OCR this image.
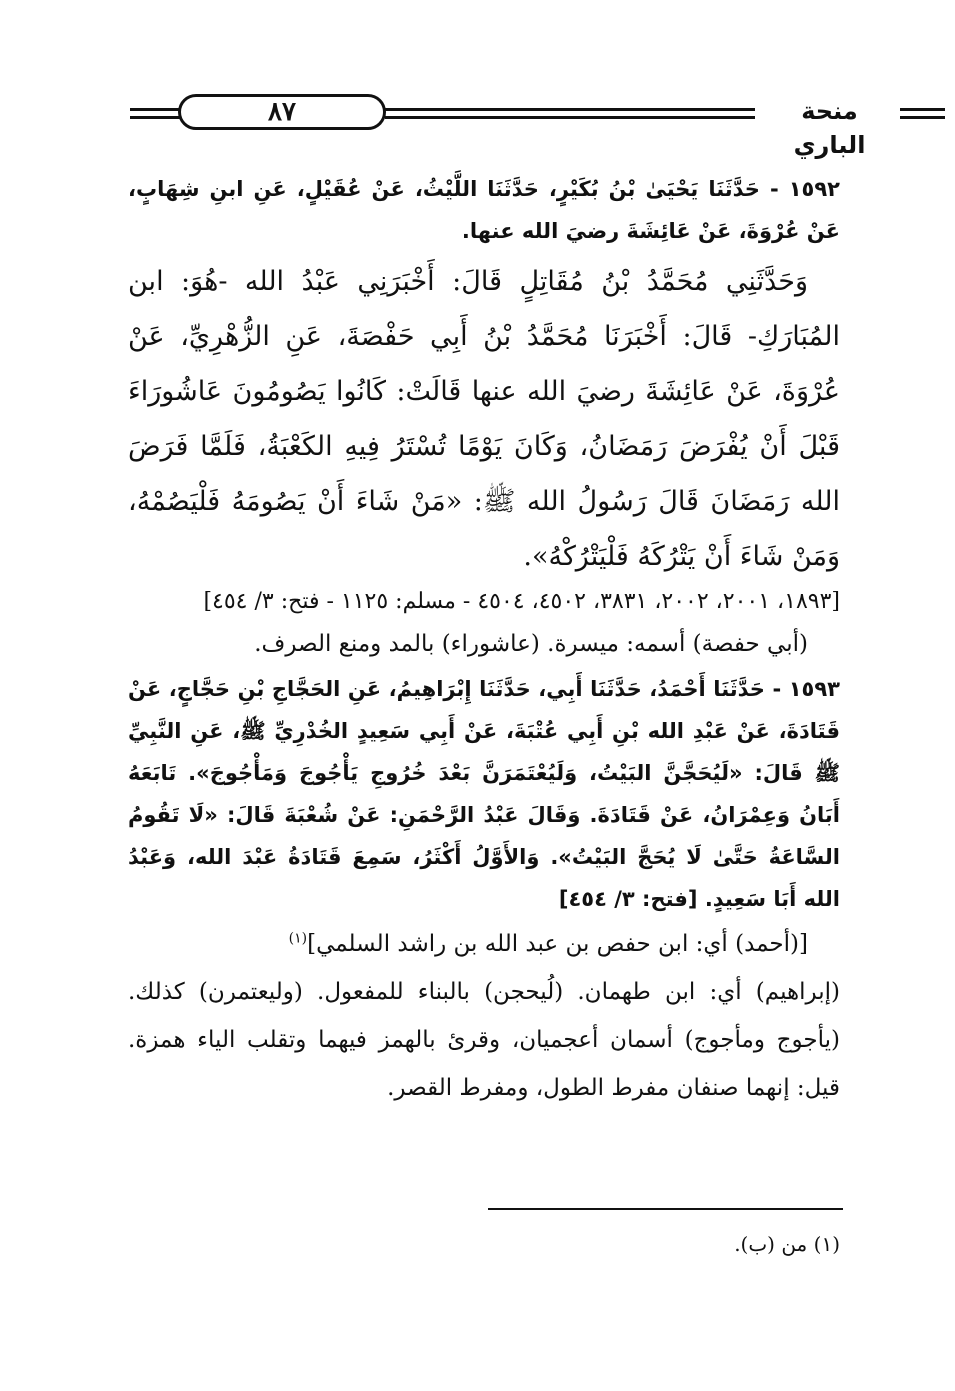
٨٧	منحة الباري

١٥٩٢ - حَدَّثَنَا يَحْيَىٰ بْنُ بُكَيْرٍ، حَدَّثَنَا اللَّيْثُ، عَنْ عُقَيْلٍ، عَنِ ابنِ شِهَابٍ، عَنْ عُرْوَةَ، عَنْ عَائِشَةَ رضيَ الله عنها.

وَحَدَّثَنِي مُحَمَّدُ بْنُ مُقَاتِلٍ قَالَ: أَخْبَرَنِي عَبْدُ الله -هُوَ: ابن المُبَارَكِ- قَالَ: أَخْبَرَنَا مُحَمَّدُ بْنُ أَبِي حَفْصَةَ، عَنِ الزُّهْرِيِّ، عَنْ عُرْوَةَ، عَنْ عَائِشَةَ رضيَ الله عنها قَالَتْ: كَانُوا يَصُومُونَ عَاشُورَاءَ قَبْلَ أَنْ يُفْرَضَ رَمَضَانُ، وَكَانَ يَوْمًا تُسْتَرُ فِيهِ الكَعْبَةُ، فَلَمَّا فَرَضَ الله رَمَضَانَ قَالَ رَسُولُ الله ﷺ: «مَنْ شَاءَ أَنْ يَصُومَهُ فَلْيَصُمْهُ، وَمَنْ شَاءَ أَنْ يَتْرُكَهُ فَلْيَتْرُكْهُ».

[١٨٩٣، ٢٠٠١، ٢٠٠٢، ٣٨٣١، ٤٥٠٢، ٤٥٠٤ - مسلم: ١١٢٥ - فتح: ٣/ ٤٥٤]

(أبي حفصة) أسمه: ميسرة. (عاشوراء) بالمد ومنع الصرف.

١٥٩٣ - حَدَّثَنَا أَحْمَدُ، حَدَّثَنَا أَبِي، حَدَّثَنَا إِبْرَاهِيمُ، عَنِ الحَجَّاجِ بْنِ حَجَّاجٍ، عَنْ قَتَادَةَ، عَنْ عَبْدِ الله بْنِ أَبِي عُتْبَةَ، عَنْ أَبِي سَعِيدٍ الخُدْرِيِّ ﷺ، عَنِ النَّبِيِّ ﷺ قَالَ: «لَيُحَجَّنَّ البَيْتُ، وَلَيُعْتَمَرَنَّ بَعْدَ خُرُوجِ يَأْجُوجَ وَمَأْجُوجَ». تَابَعَهُ أَبَانُ وَعِمْرَانُ، عَنْ قَتَادَةَ. وَقَالَ عَبْدُ الرَّحْمَنِ: عَنْ شُعْبَةَ قَالَ: «لَا تَقُومُ السَّاعَةُ حَتَّىٰ لَا يُحَجَّ البَيْتُ». وَالأَوَّلُ أَكْثَرُ، سَمِعَ قَتَادَةُ عَبْدَ الله، وَعَبْدُ الله أَبَا سَعِيدٍ. [فتح: ٣/ ٤٥٤]

[(أحمد) أي: ابن حفص بن عبد الله بن راشد السلمي]$^{(١)}$

(إبراهيم) أي: ابن طهمان. (لُيحجن) بالبناء للمفعول. (وليعتمرن) كذلك. (يأجوج ومأجوج) أسمان أعجميان، وقرئ بالهمز فيهما وتقلب الياء همزة. قيل: إنهما صنفان مفرط الطول، ومفرط القصر.

(١) من (ب).
